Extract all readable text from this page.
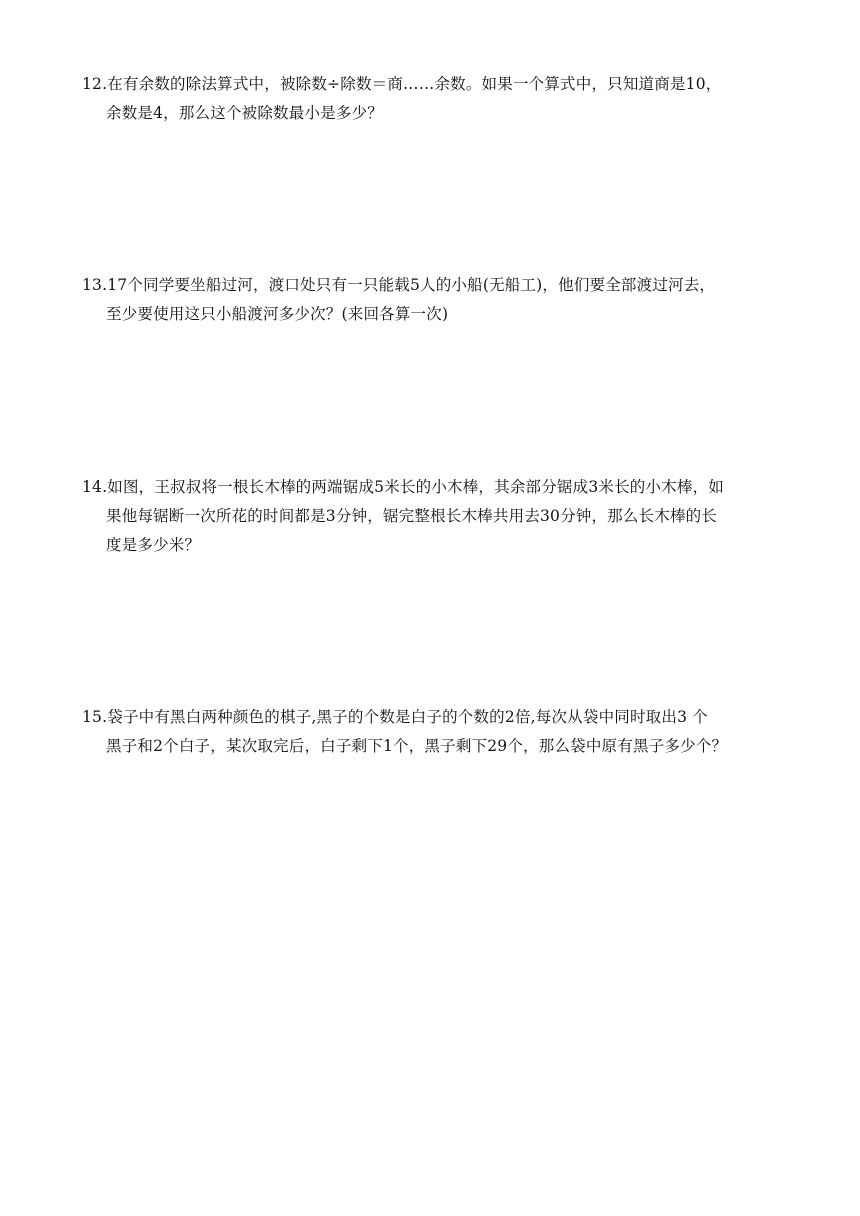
12.在有余数的除法算式中，被除数÷除数＝商……余数。如果一个算式中，只知道商是10，
余数是4，那么这个被除数最小是多少？
13.17个同学要坐船过河，渡口处只有一只能载5人的小船(无船工)，他们要全部渡过河去，
至少要使用这只小船渡河多少次？(来回各算一次)
14.如图，王叔叔将一根长木棒的两端锯成5米长的小木棒，其余部分锯成3米长的小木棒，如
果他每锯断一次所花的时间都是3分钟，锯完整根长木棒共用去30分钟，那么长木棒的长
度是多少米？
15.袋子中有黑白两种颜色的棋子,黑子的个数是白子的个数的2倍,每次从袋中同时取出3 个
黑子和2个白子，某次取完后，白子剩下1个，黑子剩下29个，那么袋中原有黑子多少个？
